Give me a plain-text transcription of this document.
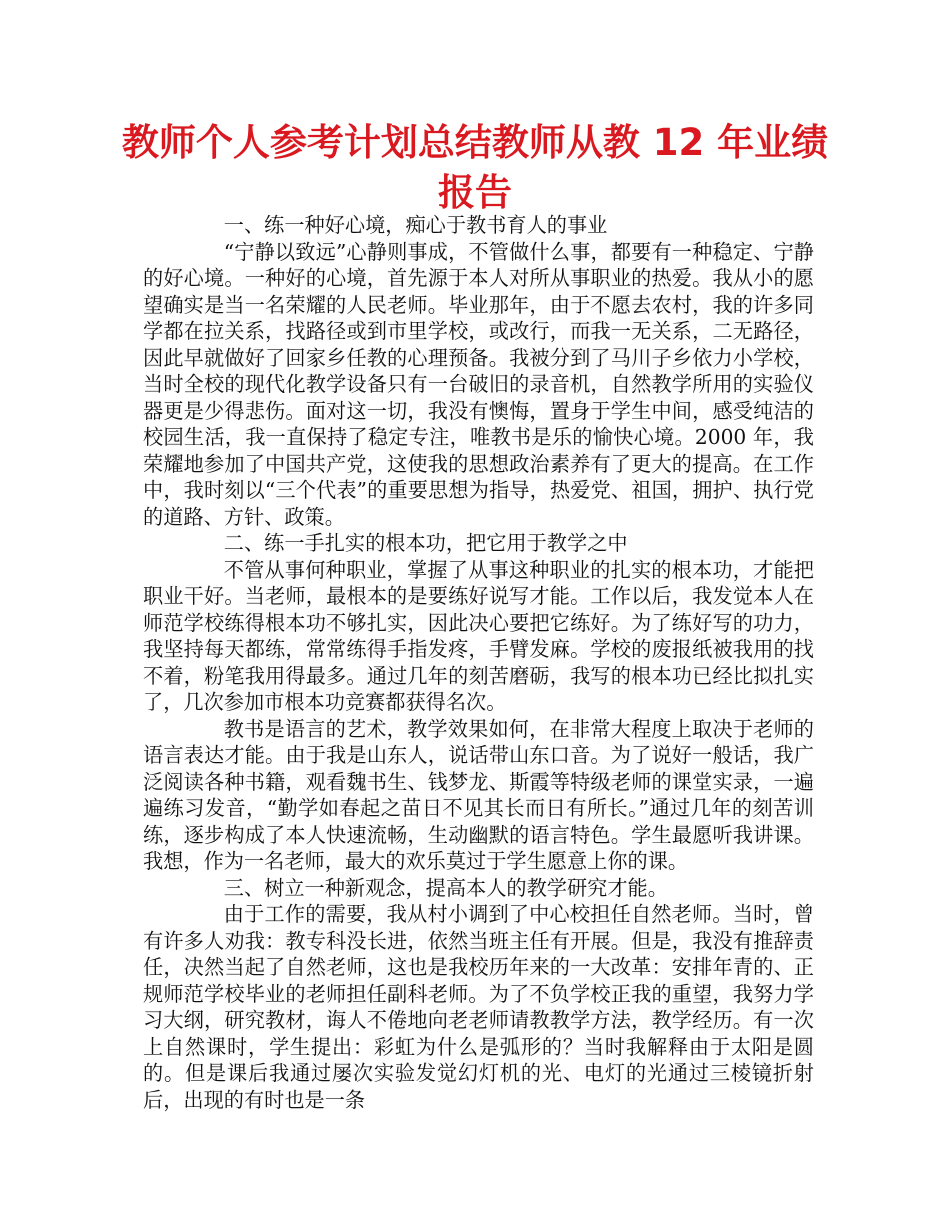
教师个人参考计划总结教师从教 12 年业绩报告

一、练一种好心境，痴心于教书育人的事业

“宁静以致远”心静则事成，不管做什么事，都要有一种稳定、宁静的好心境。一种好的心境，首先源于本人对所从事职业的热爱。我从小的愿望确实是当一名荣耀的人民老师。毕业那年，由于不愿去农村，我的许多同学都在拉关系，找路径或到市里学校，或改行，而我一无关系，二无路径，因此早就做好了回家乡任教的心理预备。我被分到了马川子乡依力小学校，当时全校的现代化教学设备只有一台破旧的录音机，自然教学所用的实验仪器更是少得悲伤。面对这一切，我没有懊悔，置身于学生中间，感受纯洁的校园生活，我一直保持了稳定专注，唯教书是乐的愉快心境。2000 年，我荣耀地参加了中国共产党，这使我的思想政治素养有了更大的提高。在工作中，我时刻以“三个代表”的重要思想为指导，热爱党、祖国，拥护、执行党的道路、方针、政策。

二、练一手扎实的根本功，把它用于教学之中

不管从事何种职业，掌握了从事这种职业的扎实的根本功，才能把职业干好。当老师，最根本的是要练好说写才能。工作以后，我发觉本人在师范学校练得根本功不够扎实，因此决心要把它练好。为了练好写的功力，我坚持每天都练，常常练得手指发疼，手臂发麻。学校的废报纸被我用的找不着，粉笔我用得最多。通过几年的刻苦磨砺，我写的根本功已经比拟扎实了，几次参加市根本功竞赛都获得名次。

教书是语言的艺术，教学效果如何，在非常大程度上取决于老师的语言表达才能。由于我是山东人，说话带山东口音。为了说好一般话，我广泛阅读各种书籍，观看魏书生、钱梦龙、斯霞等特级老师的课堂实录，一遍遍练习发音，“勤学如春起之苗日不见其长而日有所长。”通过几年的刻苦训练，逐步构成了本人快速流畅，生动幽默的语言特色。学生最愿听我讲课。我想，作为一名老师，最大的欢乐莫过于学生愿意上你的课。

三、树立一种新观念，提高本人的教学研究才能。

由于工作的需要，我从村小调到了中心校担任自然老师。当时，曾有许多人劝我：教专科没长进，依然当班主任有开展。但是，我没有推辞责任，决然当起了自然老师，这也是我校历年来的一大改革：安排年青的、正规师范学校毕业的老师担任副科老师。为了不负学校正我的重望，我努力学习大纲，研究教材，诲人不倦地向老老师请教教学方法，教学经历。有一次上自然课时，学生提出：彩虹为什么是弧形的？当时我解释由于太阳是圆的。但是课后我通过屡次实验发觉幻灯机的光、电灯的光通过三棱镜折射后，出现的有时也是一条
